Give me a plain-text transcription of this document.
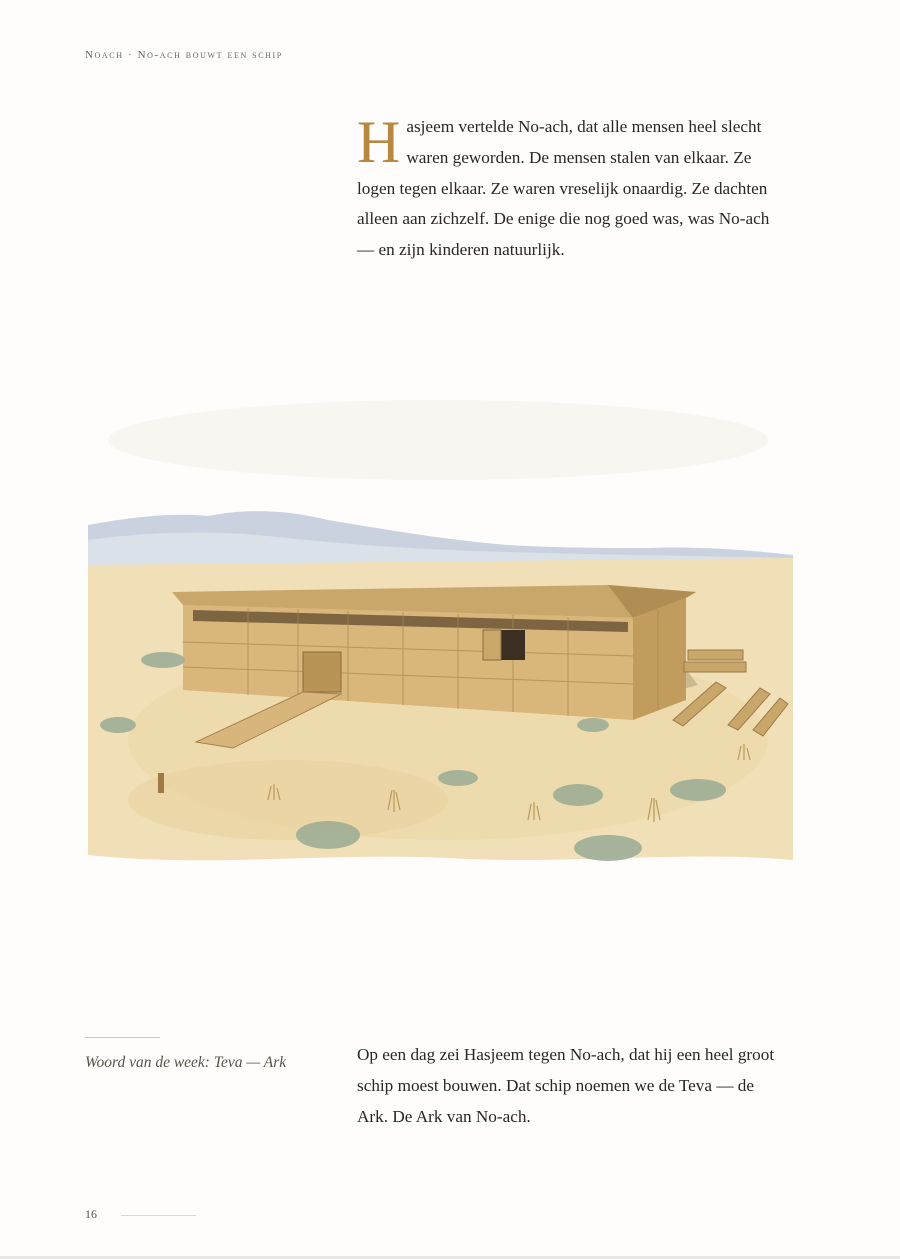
Noach · No-ach bouwt een schip

Hasjeem vertelde No-ach, dat alle mensen heel slecht waren geworden. De mensen stalen van elkaar. Ze logen tegen elkaar. Ze waren vreselijk onaardig. Ze dachten alleen aan zichzelf. De enige die nog goed was, was No-ach — en zijn kinderen natuurlijk.

Woord van de week: Teva — Ark	Op een dag zei Hasjeem tegen No-ach, dat hij een heel groot schip moest bouwen. Dat schip noemen we de Teva — de Ark. De Ark van No-ach.

16
